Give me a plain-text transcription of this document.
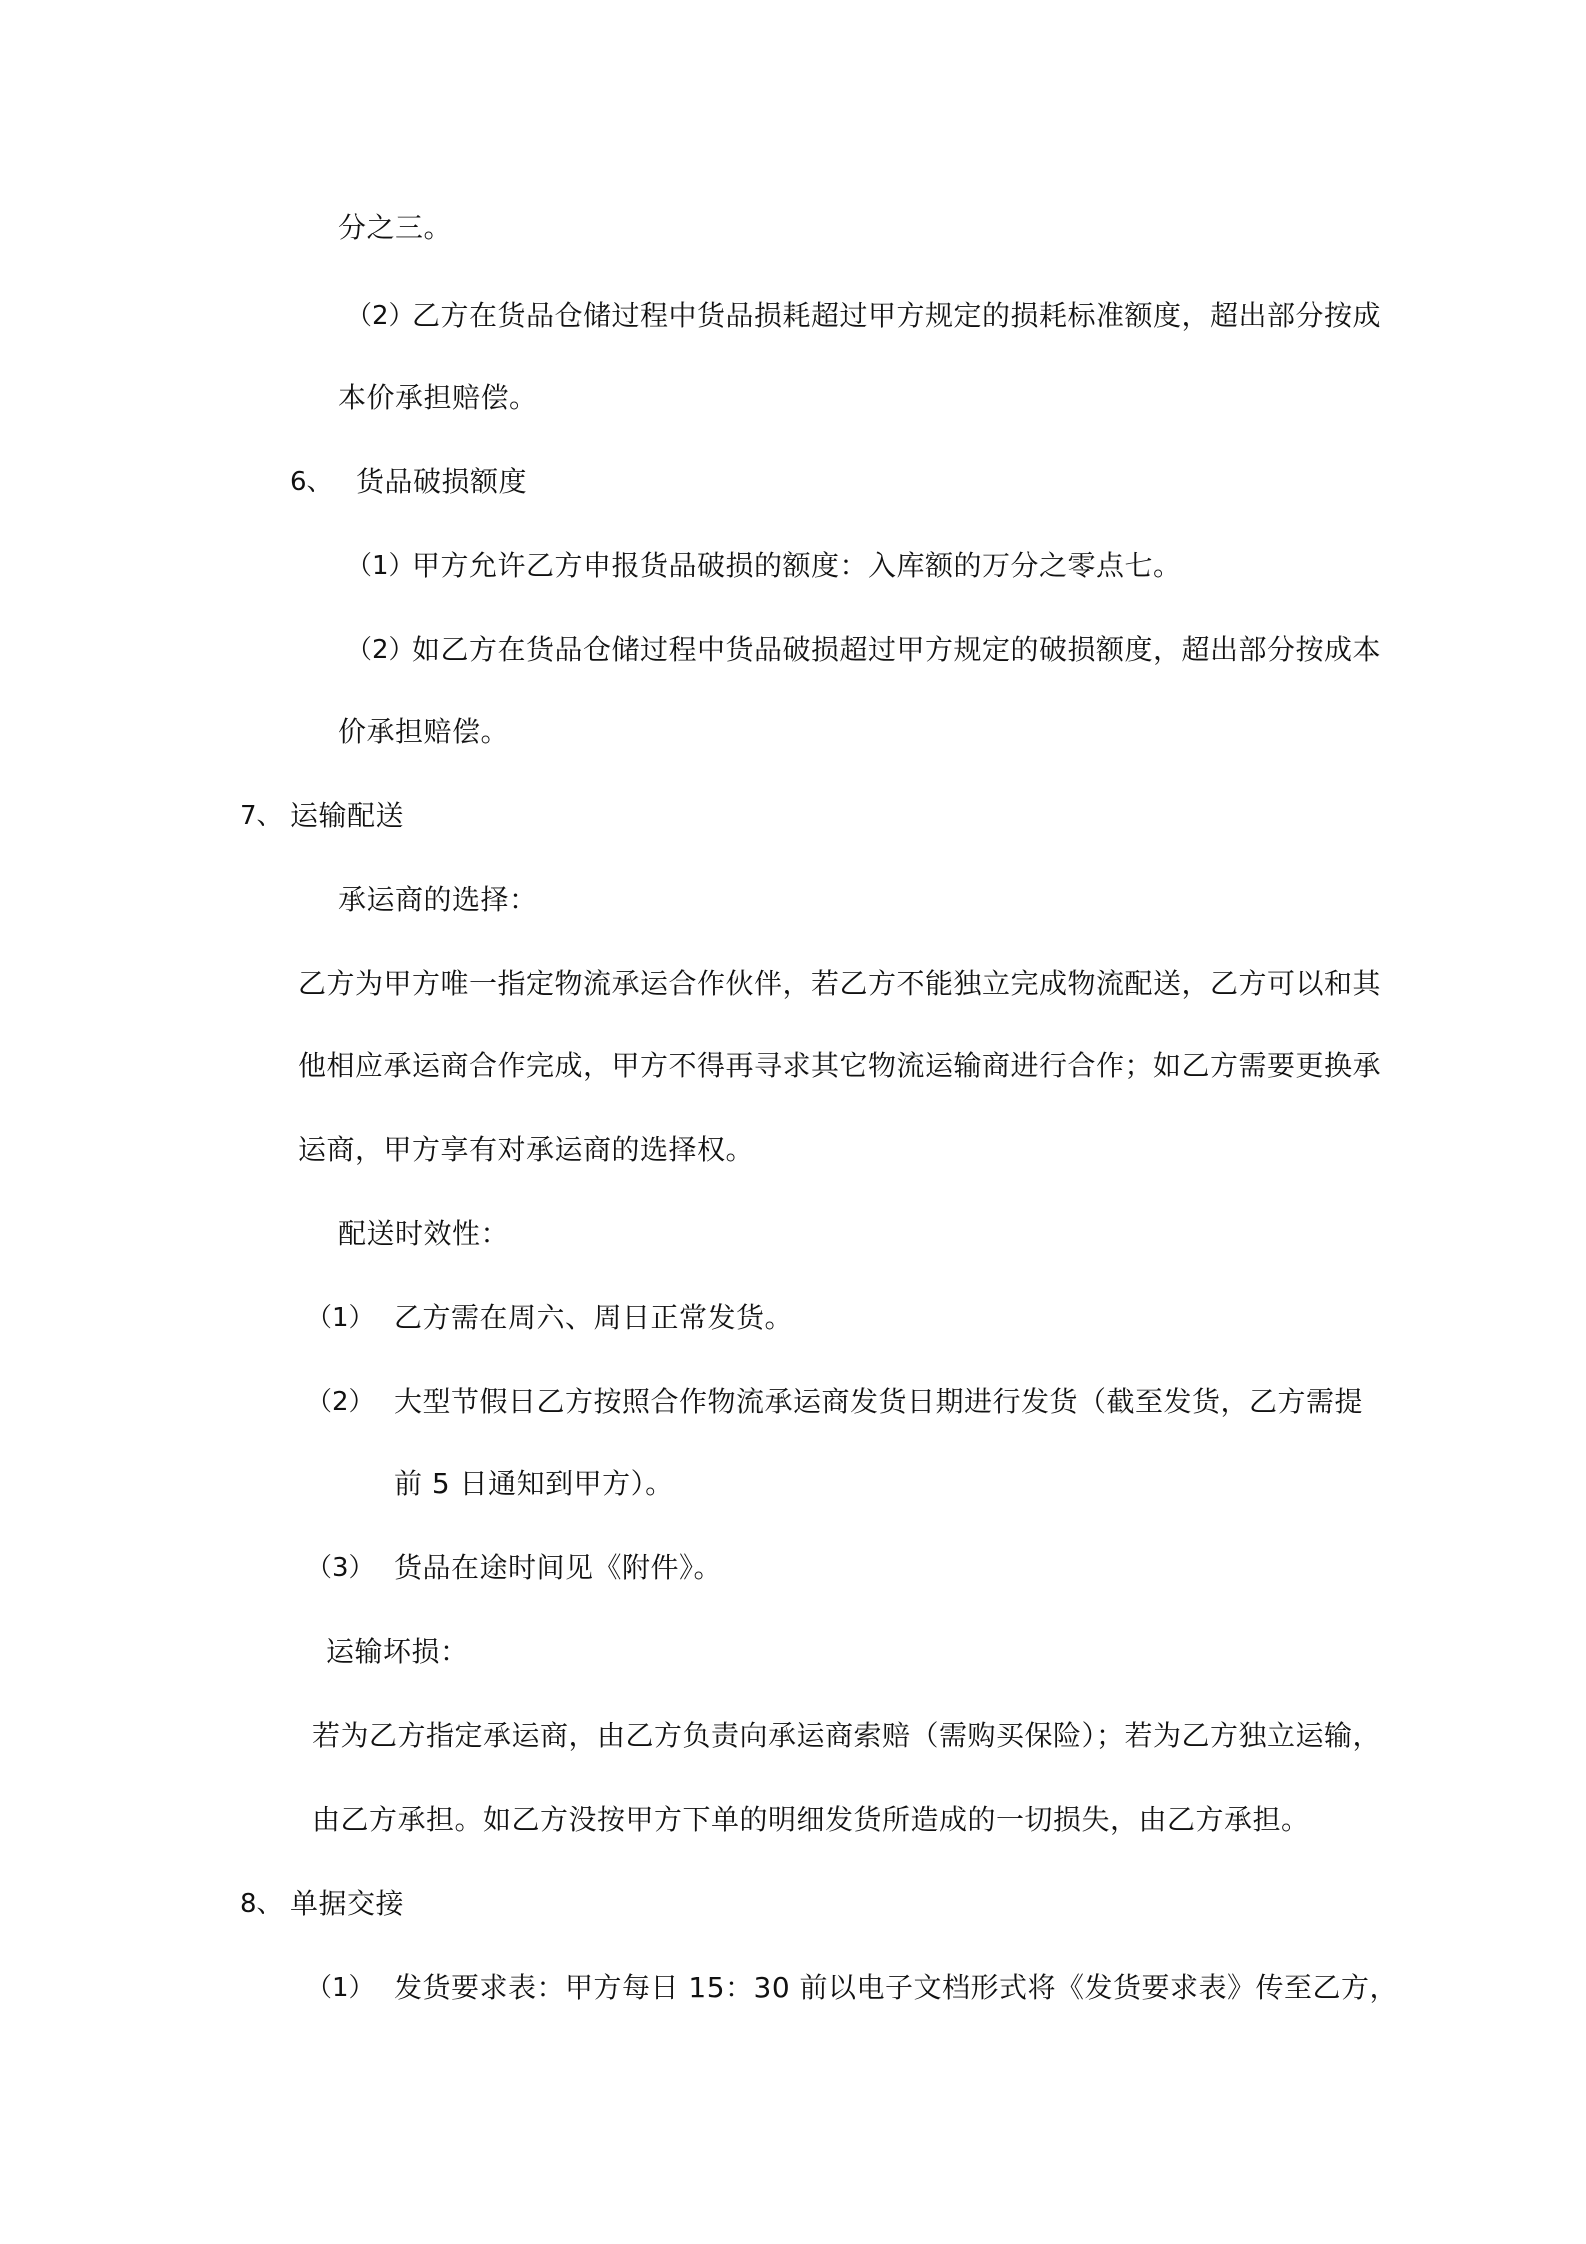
分之三。
（2）
乙方在货品仓储过程中货品损耗超过甲方规定的损耗标准额度，超出部分按成
本价承担赔偿。
6、 货品破损额度
（1）
甲方允许乙方申报货品破损的额度：入库额的万分之零点七。
（2）
如乙方在货品仓储过程中货品破损超过甲方规定的破损额度，超出部分按成本
价承担赔偿。
7、 运输配送
承运商的选择：
乙方为甲方唯一指定物流承运合作伙伴，若乙方不能独立完成物流配送，乙方可以和其
他相应承运商合作完成，甲方不得再寻求其它物流运输商进行合作；如乙方需要更换承
运商，甲方享有对承运商的选择权。
配送时效性：
（1） 乙方需在周六、周日正常发货。
（2） 大型节假日乙方按照合作物流承运商发货日期进行发货（截至发货，乙方需提
前 5 日通知到甲方）。
（3） 货品在途时间见《附件》。
运输坏损：
若为乙方指定承运商，由乙方负责向承运商索赔（需购买保险）；若为乙方独立运输，
由乙方承担。如乙方没按甲方下单的明细发货所造成的一切损失，由乙方承担。
8、 单据交接
（1） 发货要求表：甲方每日 15：30 前以电子文档形式将《发货要求表》传至乙方，
